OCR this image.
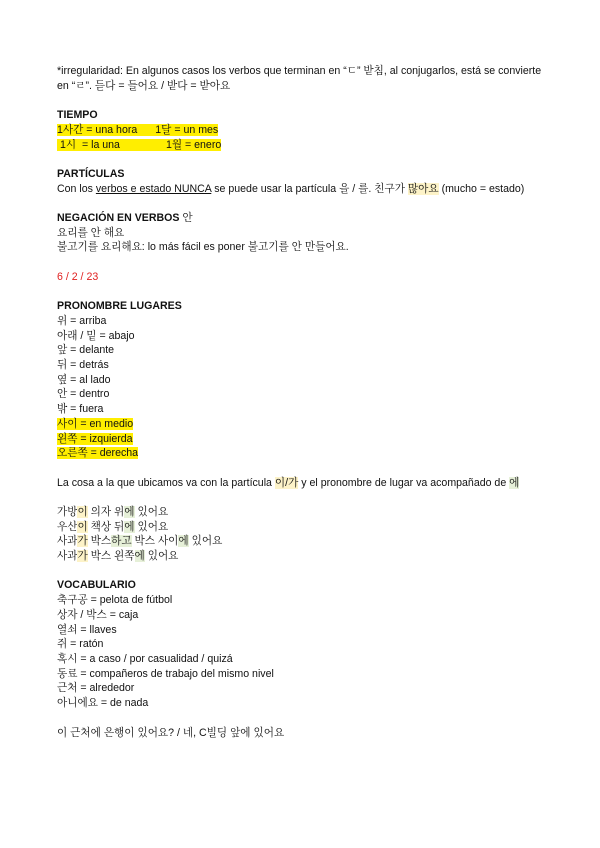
*irregularidad: En algunos casos los verbos que terminan en “ㄷ” 받침, al conjugarlos, está se convierte en “ㄹ”. 듣다 = 들어요 / 받다 = 받아요
TIEMPO
1사간 = una hora 1달 = un mes
1시  = la una	1월 = enero
PARTÍCULAS
Con los verbos e estado NUNCA se puede usar la partícula 을 / 를. 친구가 많아요 (mucho = estado)
NEGACIÓN EN VERBOS 안
요리를 안 해요
불고기를 요리해요: lo más fácil es poner 불고기를 안 만들어요.
6 / 2 / 23
PRONOMBRE LUGARES
위 = arriba
아래 / 밑 = abajo
앞 = delante
뒤 = detrás
옆 = al lado
안 = dentro
밖 = fuera
사이 = en medio
왼쪽 = izquierda
오른쪽 = derecha
La cosa a la que ubicamos va con la partícula 이/가 y el pronombre de lugar va acompañado de 에
가방이 의자 위에 있어요
우산이 책상 뒤에 있어요
사과가 박스하고 박스 사이에 있어요
사과가 박스 왼쪽에 있어요
VOCABULARIO
축구공 = pelota de fútbol
상자 / 박스 = caja
열쇠 = llaves
쥐 = ratón
혹시 = a caso / por casualidad / quizá
동료 = compañeros de trabajo del mismo nivel
근처 = alrededor
아니에요 = de nada
이 근처에 은행이 있어요? / 네, C빌딩 앞에 있어요
